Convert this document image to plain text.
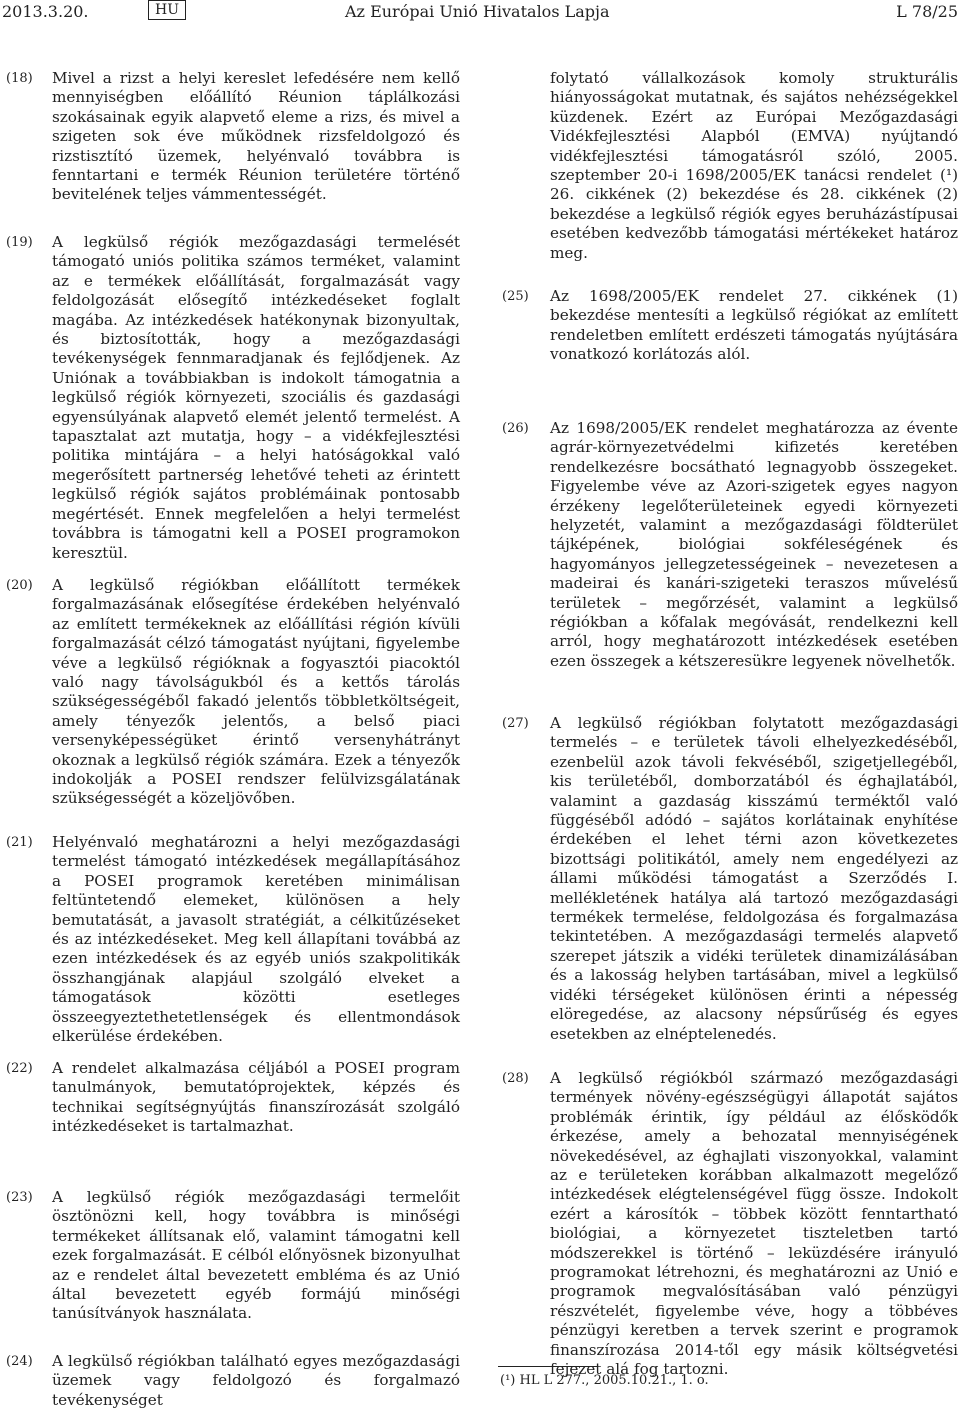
2013.3.20.	HU	Az Európai Unió Hivatalos Lapja	L 78/25
(18) Mivel a rizst a helyi kereslet lefedésére nem kellő mennyiségben előállító Réunion táplálkozási szokásainak egyik alapvető eleme a rizs, és mivel a szigeten sok éve működnek rizsfeldolgozó és rizstisztító üzemek, helyénvaló továbbra is fenntartani e termék Réunion területére történő bevitelének teljes vámmentességét.
(19) A legkülső régiók mezőgazdasági termelését támogató uniós politika számos terméket, valamint az e termékek előállítását, forgalmazását vagy feldolgozását elősegítő intézkedéseket foglalt magába. Az intézkedések hatékonynak bizonyultak, és biztosították, hogy a mezőgazdasági tevékenységek fennmaradjanak és fejlődjenek. Az Uniónak a továbbiakban is indokolt támogatnia a legkülső régiók környezeti, szociális és gazdasági egyensúlyának alapvető elemét jelentő termelést. A tapasztalat azt mutatja, hogy – a vidékfejlesztési politika mintájára – a helyi hatóságokkal való megerősített partnerség lehetővé teheti az érintett legkülső régiók sajátos problémáinak pontosabb megértését. Ennek megfelelően a helyi termelést továbbra is támogatni kell a POSEI programokon keresztül.
(20) A legkülső régiókban előállított termékek forgalmazásának elősegítése érdekében helyénvaló az említett termékeknek az előállítási régión kívüli forgalmazását célzó támogatást nyújtani, figyelembe véve a legkülső régióknak a fogyasztói piacoktól való nagy távolságukból és a kettős tárolás szükségességéből fakadó jelentős többletköltségeit, amely tényezők jelentős, a belső piaci versenyképességüket érintő versenyhátrányt okoznak a legkülső régiók számára. Ezek a tényezők indokolják a POSEI rendszer felülvizsgálatának szükségességét a közeljövőben.
(21) Helyénvaló meghatározni a helyi mezőgazdasági termelést támogató intézkedések megállapításához a POSEI programok keretében minimálisan feltüntetendő elemeket, különösen a hely bemutatását, a javasolt stratégiát, a célkitűzéseket és az intézkedéseket. Meg kell állapítani továbbá az ezen intézkedések és az egyéb uniós szakpolitikák összhangjának alapjául szolgáló elveket a támogatások közötti esetleges összeegyeztethetetlenségek és ellentmondások elkerülése érdekében.
(22) A rendelet alkalmazása céljából a POSEI program tanulmányok, bemutatóprojektek, képzés és technikai segítségnyújtás finanszírozását szolgáló intézkedéseket is tartalmazhat.
(23) A legkülső régiók mezőgazdasági termelőit ösztönözni kell, hogy továbbra is minőségi termékeket állítsanak elő, valamint támogatni kell ezek forgalmazását. E célból előnyösnek bizonyulhat az e rendelet által bevezetett embléma és az Unió által bevezetett egyéb formájú minőségi tanúsítványok használata.
(24) A legkülső régiókban található egyes mezőgazdasági üzemek vagy feldolgozó és forgalmazó tevékenységet
folytató vállalkozások komoly strukturális hiányosságokat mutatnak, és sajátos nehézségekkel küzdenek. Ezért az Európai Mezőgazdasági Vidékfejlesztési Alapból (EMVA) nyújtandó vidékfejlesztési támogatásról szóló, 2005. szeptember 20-i 1698/2005/EK tanácsi rendelet (¹) 26. cikkének (2) bekezdése és 28. cikkének (2) bekezdése a legkülső régiók egyes beruházástípusai esetében kedvezőbb támogatási mértékeket határoz meg.
(25) Az 1698/2005/EK rendelet 27. cikkének (1) bekezdése mentesíti a legkülső régiókat az említett rendeletben említett erdészeti támogatás nyújtására vonatkozó korlátozás alól.
(26) Az 1698/2005/EK rendelet meghatározza az évente agrár-környezetvédelmi kifizetés keretében rendelkezésre bocsátható legnagyobb összegeket. Figyelembe véve az Azori-szigetek egyes nagyon érzékeny legelőterületeinek egyedi környezeti helyzetét, valamint a mezőgazdasági földterület tájképének, biológiai sokféleségének és hagyományos jellegzetességeinek – nevezetesen a madeirai és kanári-szigeteki teraszos művelésű területek – megőrzését, valamint a legkülső régiókban a kőfalak megóvását, rendelkezni kell arról, hogy meghatározott intézkedések esetében ezen összegek a kétszeresükre legyenek növelhetők.
(27) A legkülső régiókban folytatott mezőgazdasági termelés – e területek távoli elhelyezkedéséből, ezenbelül azok távoli fekvéséből, szigetjellegéből, kis területéből, domborzatából és éghajlatából, valamint a gazdaság kisszámú terméktől való függéséből adódó – sajátos korlátainak enyhítése érdekében el lehet térni azon következetes bizottsági politikától, amely nem engedélyezi az állami működési támogatást a Szerződés I. mellékletének hatálya alá tartozó mezőgazdasági termékek termelése, feldolgozása és forgalmazása tekintetében. A mezőgazdasági termelés alapvető szerepet játszik a vidéki területek dinamizálásában és a lakosság helyben tartásában, mivel a legkülső vidéki térségeket különösen érinti a népesség elöregedése, az alacsony népsűrűség és egyes esetekben az elnéptelenedés.
(28) A legkülső régiókból származó mezőgazdasági termények növény-egészségügyi állapotát sajátos problémák érintik, így például az élősködők érkezése, amely a behozatal mennyiségének növekedésével, az éghajlati viszonyokkal, valamint az e területeken korábban alkalmazott megelőző intézkedések elégtelenségével függ össze. Indokolt ezért a károsítók – többek között fenntartható biológiai, a környezetet tiszteletben tartó módszerekkel is történő – leküzdésére irányuló programokat létrehozni, és meghatározni az Unió e programok megvalósításában való pénzügyi részvételét, figyelembe véve, hogy a többéves pénzügyi keretben a tervek szerint e programok finanszírozása 2014-től egy másik költségvetési fejezet alá fog tartozni.
(¹) HL L 277., 2005.10.21., 1. o.
